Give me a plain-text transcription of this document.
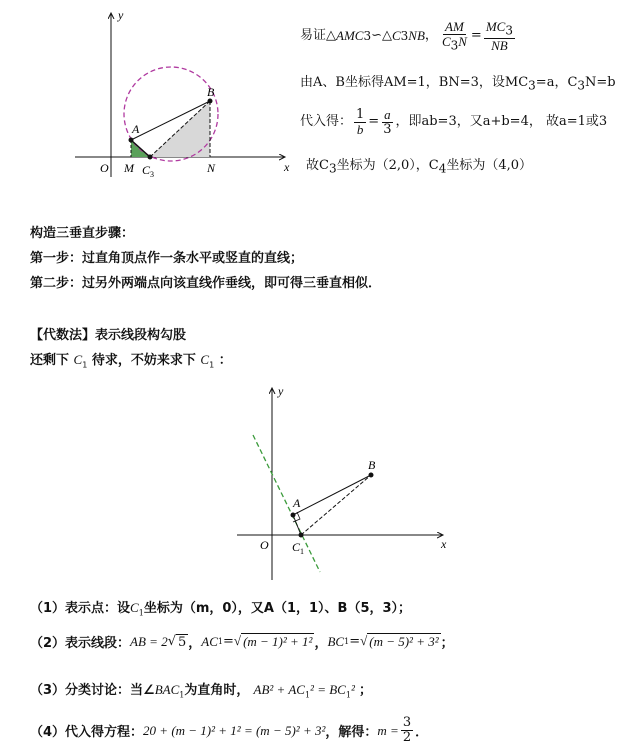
y
x
O M $C_3$	N
A
B
易证△ AMC 3 ∽△ C 3 NB ， $\frac{AM}{C_3N} = \frac{MC_3}{NB}$
由A、B坐标得AM=1，BN=3，设$MC_3=a$，$C_3N=b$
代入得： $\frac{1}{b} = \frac{a}{3}$ ，即ab=3，又a+b=4， 故a=1或3
故$C_3$坐标为（2,0），$C_4$坐标为（4,0）
构造三垂直步骤：
第一步：过直角顶点作一条水平或竖直的直线；
第二步：过另外两端点向该直线作垂线，即可得三垂直相似．
【代数法】表示线段构勾股
还剩下 $C_1$ 待求，不妨来求下 $C_1$ ：
y
x
O
A
B
$C_1$
（1）表示点：设$C_1$坐标为（m，0），又A（1，1）、B（5，3）；
（2）表示线段： AB = 2 √ 5 ， AC 1 = √ (m − 1)² + 1² ， BC 1 = √ (m − 5)² + 3² ；
（3）分类讨论：当$\angle BAC_1$为直角时， $AB^2 + AC_1^2 = BC_1^2$ ；
（4）代入得方程： 20 + (m − 1)² + 1² = (m − 5)² + 3² ，解得： $m = \frac{3}{2}$ ．
